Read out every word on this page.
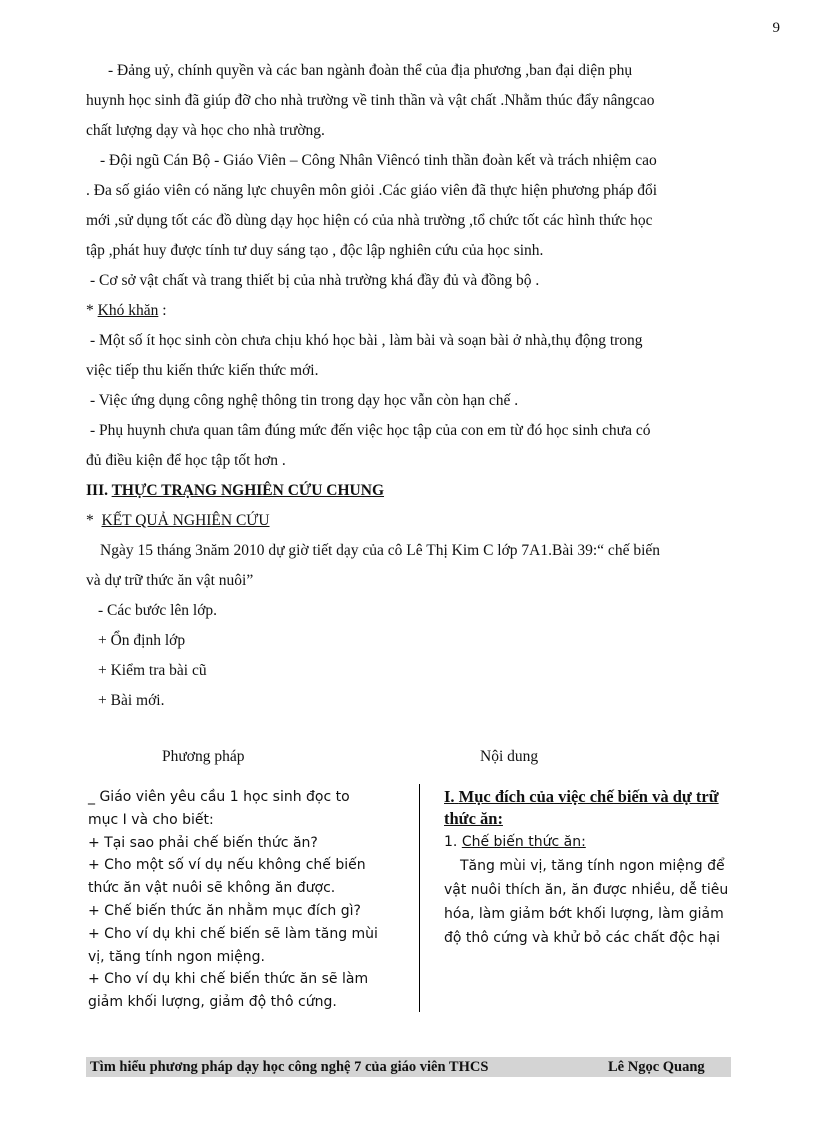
9

- Đảng uỷ, chính quyền và các ban ngành đoàn thể của địa phương ,ban đại diện phụ

huynh học sinh đã giúp đỡ cho nhà trường về tinh thần và vật chất .Nhằm thúc đẩy nângcao

chất lượng dạy và học cho nhà trường.

- Đội ngũ Cán Bộ - Giáo Viên – Công Nhân Viêncó tinh thần đoàn kết và trách nhiệm cao

. Đa số giáo viên có năng lực chuyên môn giỏi .Các giáo viên đã thực hiện phương pháp đổi

mới ,sử dụng tốt các đồ dùng dạy học hiện có của nhà trường ,tổ chức tốt các hình thức học

tập ,phát huy được tính tư duy sáng tạo , độc lập nghiên cứu của học sinh.

- Cơ sở vật chất và trang thiết bị của nhà trường khá đầy đủ và đồng bộ .

* Khó khăn :

- Một số ít học sinh còn chưa chịu khó học bài , làm bài và soạn bài ở nhà,thụ động trong

việc tiếp thu kiến thức kiến thức mới.

- Việc ứng dụng công nghệ thông tin trong dạy học vẫn còn hạn chế .

- Phụ huynh chưa quan tâm đúng mức đến việc học tập của con em từ đó học sinh chưa có

đủ điều kiện để học tập tốt hơn .

III. THỰC TRẠNG NGHIÊN CỨU CHUNG

* KẾT QUẢ NGHIÊN CỨU

Ngày 15 tháng 3năm 2010 dự giờ tiết dạy của cô Lê Thị Kim C lớp 7A1.Bài 39:“ chế biến

và dự trữ thức ăn vật nuôi”

- Các bước lên lớp.

+ Ổn định lớp

+ Kiểm tra bài cũ

+ Bài mới.

Phương pháp	Nội dung
_ Giáo viên yêu cầu 1 học sinh đọc to
mục I và cho biết:
+ Tại sao phải chế biến thức ăn?
+ Cho một số ví dụ nếu không chế biến
thức ăn vật nuôi sẽ không ăn được.
+ Chế biến thức ăn nhằm mục đích gì?
+ Cho ví dụ khi chế biến sẽ làm tăng mùi
vị, tăng tính ngon miệng.
+ Cho ví dụ khi chế biến thức ăn sẽ làm
giảm khối lượng, giảm độ thô cứng.
I. Mục đích của việc chế biến và dự trữ
thức ăn:
1. Chế biến thức ăn:
Tăng mùi vị, tăng tính ngon miệng để
vật nuôi thích ăn, ăn được nhiều, dễ tiêu
hóa, làm giảm bớt khối lượng, làm giảm
độ thô cứng và khử bỏ các chất độc hại
Tìm hiểu phương pháp dạy học công nghệ 7 của giáo viên THCS	Lê Ngọc Quang
